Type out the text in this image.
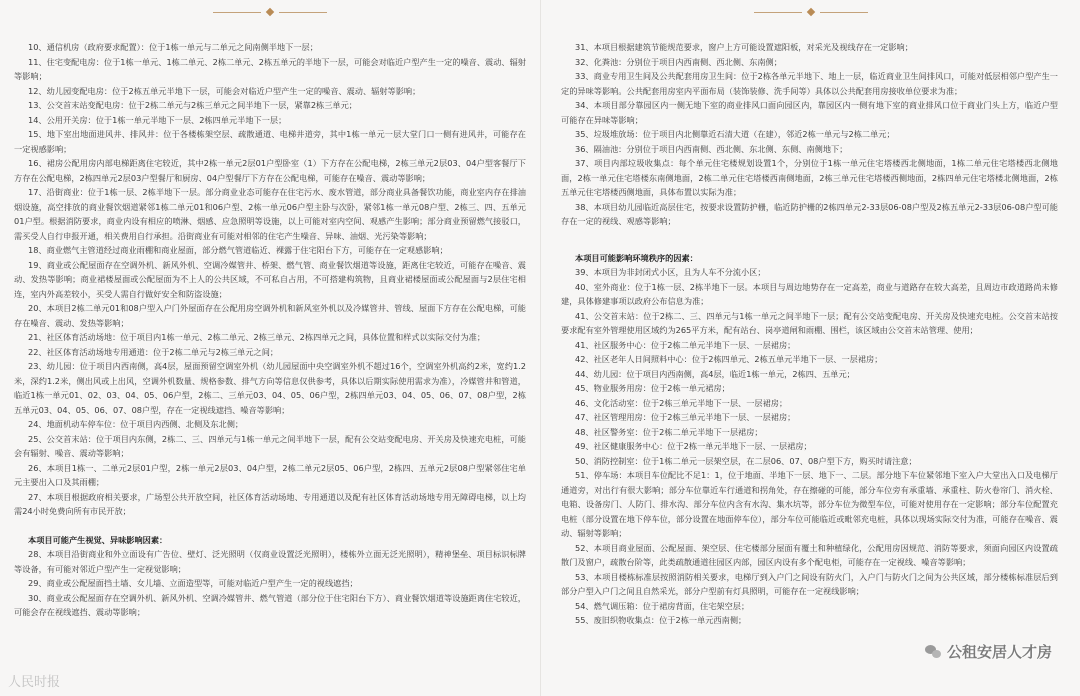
10、通信机房（政府要求配置）：位于1栋一单元与二单元之间南侧半地下一层；

11、住宅变配电房：位于1栋一单元、1栋二单元、2栋二单元、2栋五单元的半地下一层，可能会对临近户型产生一定的噪音、震动、辐射等影响；

12、幼儿园变配电房：位于2栋五单元半地下一层，可能会对临近户型产生一定的噪音、震动、辐射等影响；

13、公交首末站变配电房：位于2栋二单元与2栋三单元之间半地下一层，紧靠2栋三单元；

14、公用开关房：位于1栋一单元半地下一层、2栋四单元半地下一层；

15、地下室出地面进风井、排风井：位于各楼栋架空层、疏散通道、电梯井道旁，其中1栋一单元一层大堂门口一侧有进风井，可能存在一定视感影响；

16、裙房公配用房内部电梯距离住宅较近，其中2栋一单元2层01户型卧室（1）下方存在公配电梯，2栋三单元2层03、04户型客餐厅下方存在公配电梯，2栋四单元2层03户型餐厅和厨房、04户型餐厅下方存在公配电梯，可能存在噪音、震动等影响；

17、沿街商业：位于1栋一层、2栋半地下一层。部分商业业态可能存在住宅污水、废水管道，部分商业具备餐饮功能，商业室内存在排油烟设施，高空排放的商业餐饮烟道紧邻1栋二单元01和06户型、2栋一单元06户型主卧与次卧，紧邻1栋一单元08户型、2栋三、四、五单元01户型。根据消防要求，商业内设有相应的喷淋、烟感、应急照明等设施，以上可能对室内空间、观感产生影响；部分商业预留燃气接驳口，需买受人自行申报开通，相关费用自行承担。沿街商业有可能对相邻的住宅产生噪音、异味、油烟、光污染等影响；

18、商业燃气主管道经过商业雨棚和商业屋面，部分燃气管道临近、裸露于住宅阳台下方，可能存在一定观感影响；

19、商业或公配屋面存在空调外机、新风外机、空调冷媒管井、桥架、燃气管、商业餐饮烟道等设施，距离住宅较近，可能存在噪音、震动、发热等影响；商业裙楼屋面或公配屋面为不上人的公共区域，不可私自占用，不可搭建构筑物，且商业裙楼屋面或公配屋面与2层住宅相连，室内外高差较小，买受人需自行做好安全和防盗设施；

20、本项目2栋二单元01和08户型入户门外屋面存在公配用房空调外机和新风室外机以及冷媒管井、管线、屋面下方存在公配电梯，可能存在噪音、震动、发热等影响；

21、社区体育活动场地：位于项目内1栋一单元、2栋二单元、2栋三单元、2栋四单元之间，具体位置和样式以实际交付为准；

22、社区体育活动场地专用通道：位于2栋二单元与2栋三单元之间；

23、幼儿园：位于项目内西南侧，高4层，屋面预留空调室外机（幼儿园屋面中央空调室外机不超过16个，空调室外机高约2米，宽约1.2米，深约1.2米，侧出风或上出风，空调外机数量、规格参数、排气方向等信息仅供参考，具体以后期实际使用需求为准），冷媒管井和管道，临近1栋一单元01、02、03、04、05、06户型，2栋二、三单元03、04、05、06户型，2栋四单元03、04、05、06、07、08户型，2栋五单元03、04、05、06、07、08户型，存在一定视线遮挡、噪音等影响；

24、地面机动车停车位：位于项目内西侧、北侧及东北侧；

25、公交首末站：位于项目内东侧，2栋二、三、四单元与1栋一单元之间半地下一层，配有公交站变配电房、开关房及快速充电桩，可能会有辐射、噪音、震动等影响；

26、本项目1栋一、二单元2层01户型，2栋一单元2层03、04户型，2栋二单元2层05、06户型，2栋四、五单元2层08户型紧邻住宅单元主要出入口及其雨棚；

27、本项目根据政府相关要求，广场型公共开放空间，社区体育活动场地、专用通道以及配有社区体育活动场地专用无障碍电梯，以上均需24小时免费向所有市民开放；

本项目可能产生视觉、异味影响因素：

28、本项目沿街商业和外立面设有广告位、壁灯、泛光照明（仅商业设置泛光照明），楼栋外立面无泛光照明），精神堡垒、项目标识标牌等设备，有可能对邻近户型产生一定视觉影响；

29、商业或公配屋面挡土墙、女儿墙、立面造型等，可能对临近户型产生一定的视线遮挡；

30、商业或公配屋面存在空调外机、新风外机、空调冷媒管井、燃气管道（部分位于住宅阳台下方）、商业餐饮烟道等设施距离住宅较近，可能会存在视线遮挡、震动等影响；

人民时报

31、本项目根据建筑节能规范要求，窗户上方可能设置遮阳板，对采光及视线存在一定影响；

32、化粪池：分别位于项目内西南侧、西北侧、东南侧；

33、商业专用卫生间及公共配套用房卫生间：位于2栋各单元半地下、地上一层，临近商业卫生间排风口，可能对低层相邻户型产生一定的异味等影响。公共配套用房室内平面布局（装饰装修、洗手间等）具体以公共配套用房接收单位要求为准；

34、本项目部分靠园区内一侧无地下室的商业排风口面向园区内，靠园区内一侧有地下室的商业排风口位于商业门头上方，临近户型可能存在异味等影响；

35、垃圾堆放场：位于项目内北侧靠近石清大道（在建），邻近2栋一单元与2栋二单元；

36、隔油池：分别位于项目内西南侧、西北侧、东北侧、东侧、南侧地下；

37、项目内部垃圾收集点：每个单元住宅楼规划设置1个，分别位于1栋一单元住宅塔楼西北侧地面，1栋二单元住宅塔楼西北侧地面，2栋一单元住宅塔楼东南侧地面，2栋二单元住宅塔楼西南侧地面，2栋三单元住宅塔楼西侧地面，2栋四单元住宅塔楼北侧地面，2栋五单元住宅塔楼西侧地面，具体布置以实际为准；

38、本项目幼儿园临近高层住宅，按要求设置防护栅，临近防护栅的2栋四单元2-33层06-08户型及2栋五单元2-33层06-08户型可能存在一定的视线、观感等影响；

本项目可能影响环境秩序的因素：

39、本项目为非封闭式小区，且为人车不分流小区；

40、室外商业：位于1栋一层、2栋半地下一层。本项目与周边地势存在一定高差，商业与道路存在较大高差，且周边市政道路尚未修建，具体修建事项以政府公布信息为准；

41、公交首末站：位于2栋二、三、四单元与1栋一单元之间半地下一层；配有公交站变配电房、开关房及快速充电桩。公交首末站按要求配有室外管理使用区域约为265平方米，配有站台、岗亭道闸和雨棚、围栏，该区域由公交首末站管理、使用；

41、社区服务中心：位于2栋二单元半地下一层、一层裙房；

42、社区老年人日间照料中心：位于2栋四单元、2栋五单元半地下一层、一层裙房；

44、幼儿园：位于项目内西南侧，高4层，临近1栋一单元，2栋四、五单元；

45、物业服务用房：位于2栋一单元裙房；

46、文化活动室：位于2栋三单元半地下一层、一层裙房；

47、社区管理用房：位于2栋三单元半地下一层、一层裙房；

48、社区警务室：位于2栋二单元半地下一层裙房；

49、社区健康服务中心：位于2栋一单元半地下一层、一层裙房；

50、消防控制室：位于1栋二单元一层架空层，在二层06、07、08户型下方，购买时请注意；

51、停车场：本项目车位配比不足1：1，位于地面、半地下一层、地下一、二层。部分地下车位紧邻地下室入户大堂出入口及电梯厅通道旁，对出行有很大影响；部分车位靠近车行通道和拐角处，存在擦碰的可能，部分车位旁有承重墙、承重柱、防火卷帘门、消火栓、电箱、设备房门、人防门、排水沟、部分车位内含有水沟、集水坑等，部分车位为微型车位，可能对使用存在一定影响；部分车位配置充电桩（部分设置在地下停车位，部分设置在地面停车位），部分车位可能临近或毗邻充电桩，具体以现场实际交付为准，可能存在噪音、震动、辐射等影响；

52、本项目商业屋面、公配屋面、架空层、住宅楼部分屋面有覆土和种植绿化，公配用房因规范、消防等要求，须面向园区内设置疏散门及窗户，疏散台阶等，此类疏散通道往园区内部，园区内设有多个配电柜，可能存在一定视线、噪音等影响；

53、本项目楼栋标准层按照消防相关要求，电梯厅到入户门之间设有防火门，入户门与防火门之间为公共区域，部分楼栋标准层后到部分户型入户门之间且自然采光，部分户型前有灯具照明，可能存在一定视线影响；

54、燃气调压箱：位于裙房背面，住宅架空层；

55、废旧织物收集点：位于2栋一单元西南侧；

公租安居人才房
